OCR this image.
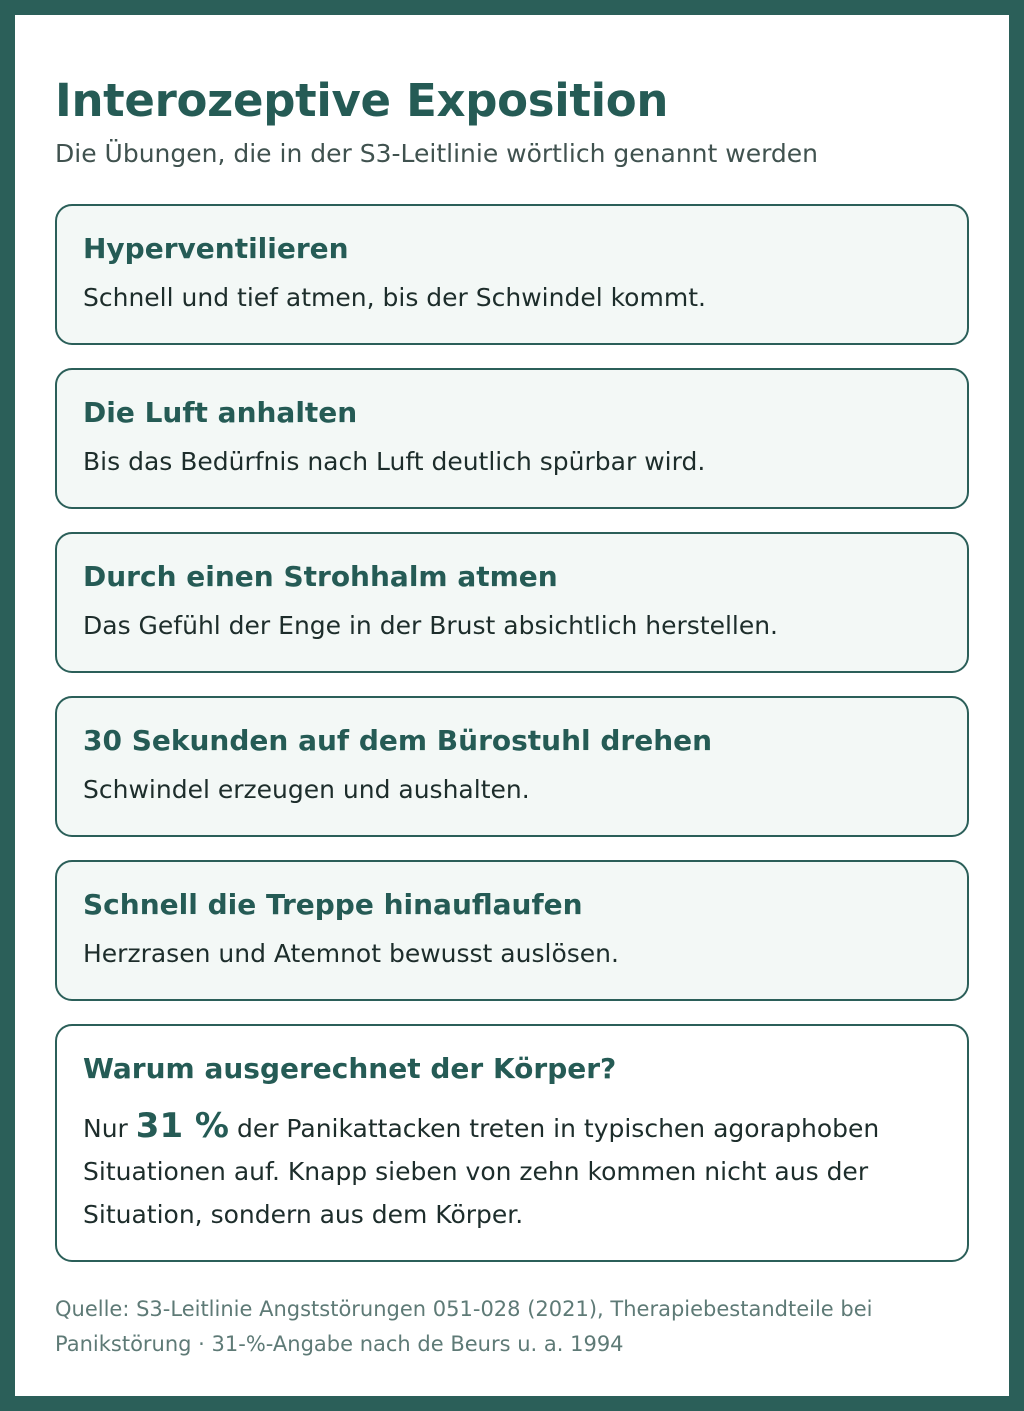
Interozeptive Exposition

Die Übungen, die in der S3-Leitlinie wörtlich genannt werden

Hyperventilieren
Schnell und tief atmen, bis der Schwindel kommt.
Die Luft anhalten
Bis das Bedürfnis nach Luft deutlich spürbar wird.
Durch einen Strohhalm atmen
Das Gefühl der Enge in der Brust absichtlich herstellen.
30 Sekunden auf dem Bürostuhl drehen
Schwindel erzeugen und aushalten.
Schnell die Treppe hinauflaufen
Herzrasen und Atemnot bewusst auslösen.
Warum ausgerechnet der Körper?
Nur 31 % der Panikattacken treten in typischen agoraphoben Situationen auf. Knapp sieben von zehn kommen nicht aus der Situation, sondern aus dem Körper.
Quelle: S3-Leitlinie Angststörungen 051-028 (2021), Therapiebestandteile bei Panikstörung · 31-%-Angabe nach de Beurs u. a. 1994
